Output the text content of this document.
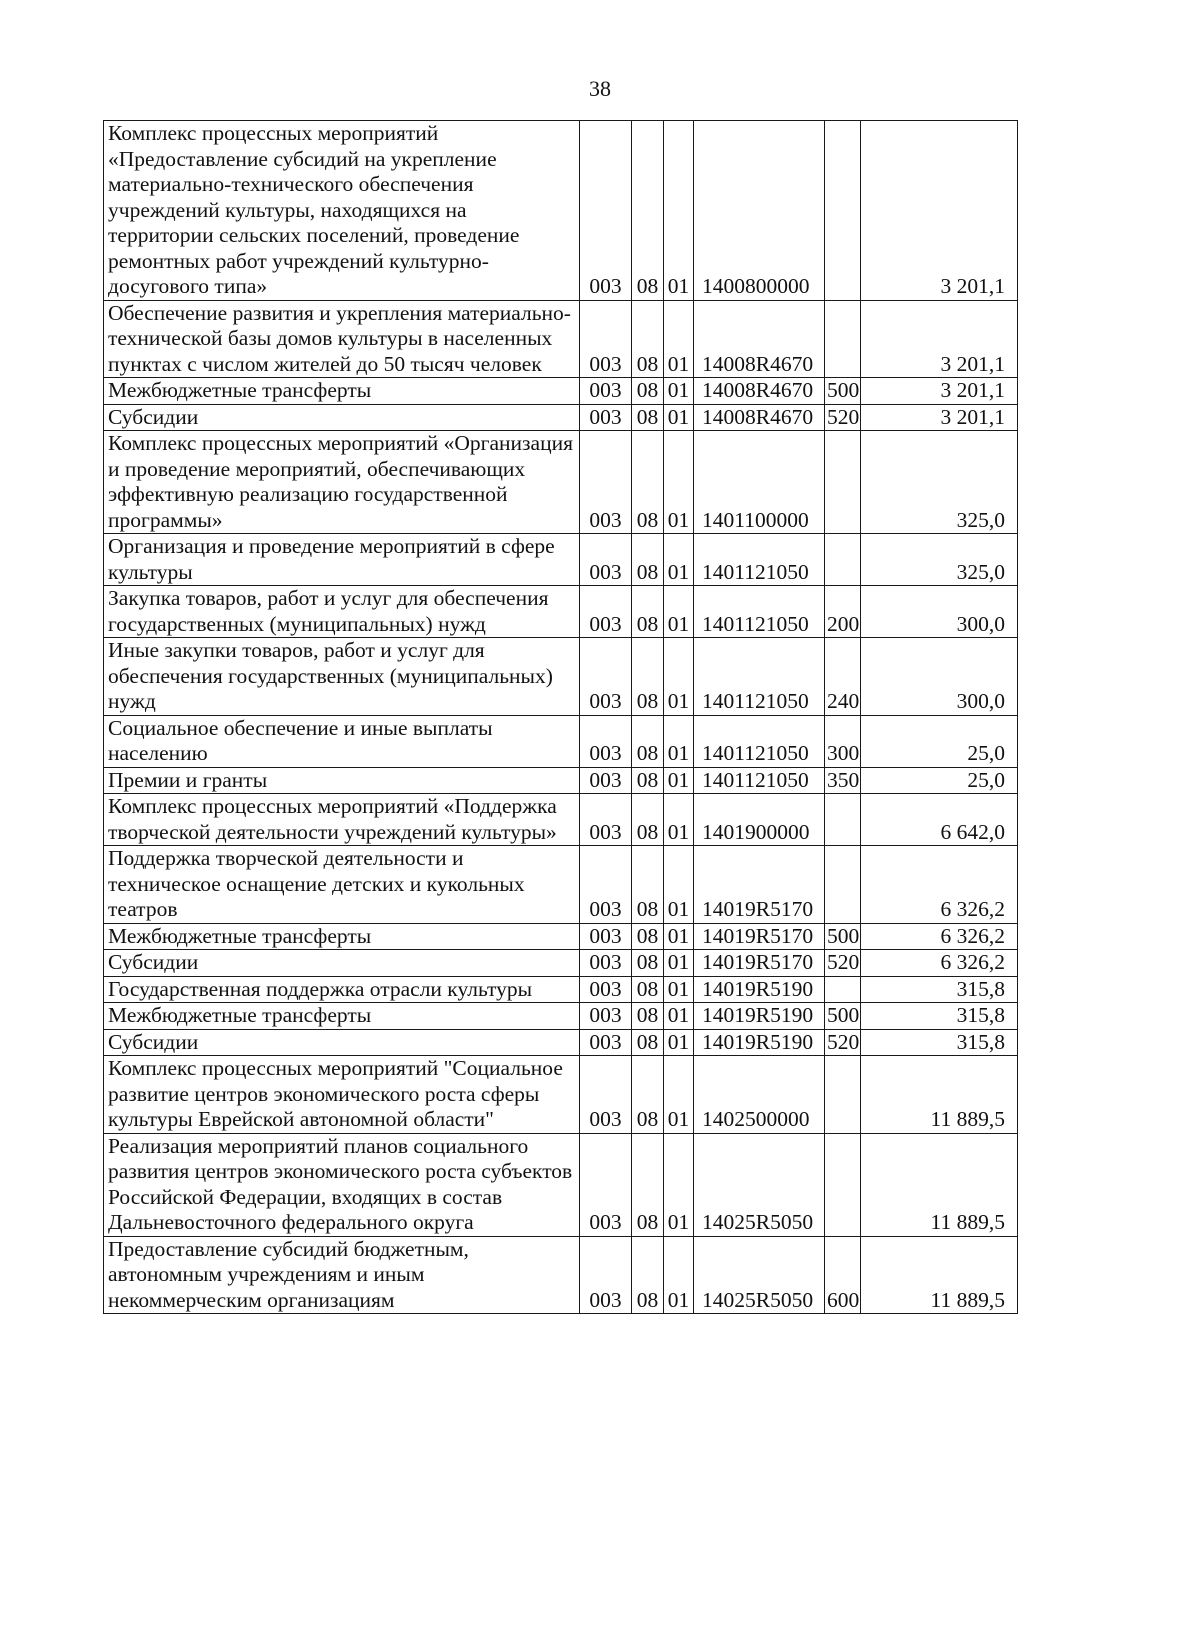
38
Комплекс процессных мероприятий «Предоставление субсидий на укрепление материально-технического обеспечения учреждений культуры, находящихся на территории сельских поселений, проведение ремонтных работ учреждений культурно-досугового типа»	003	08	01	1400800000		3 201,1
Обеспечение развития и укрепления материально-технической базы домов культуры в населенных пунктах с числом жителей до 50 тысяч человек	003	08	01	14008R4670		3 201,1
Межбюджетные трансферты	003	08	01	14008R4670	500	3 201,1
Субсидии	003	08	01	14008R4670	520	3 201,1
Комплекс процессных мероприятий «Организация и проведение мероприятий, обеспечивающих эффективную реализацию государственной программы»	003	08	01	1401100000		325,0
Организация и проведение мероприятий в сфере культуры	003	08	01	1401121050		325,0
Закупка товаров, работ и услуг для обеспечения государственных (муниципальных) нужд	003	08	01	1401121050	200	300,0
Иные закупки товаров, работ и услуг для обеспечения государственных (муниципальных) нужд	003	08	01	1401121050	240	300,0
Социальное обеспечение и иные выплаты населению	003	08	01	1401121050	300	25,0
Премии и гранты	003	08	01	1401121050	350	25,0
Комплекс процессных мероприятий «Поддержка творческой деятельности учреждений культуры»	003	08	01	1401900000		6 642,0
Поддержка творческой деятельности и техническое оснащение детских и кукольных театров	003	08	01	14019R5170		6 326,2
Межбюджетные трансферты	003	08	01	14019R5170	500	6 326,2
Субсидии	003	08	01	14019R5170	520	6 326,2
Государственная поддержка отрасли культуры	003	08	01	14019R5190		315,8
Межбюджетные трансферты	003	08	01	14019R5190	500	315,8
Субсидии	003	08	01	14019R5190	520	315,8
Комплекс процессных мероприятий "Социальное развитие центров экономического роста сферы культуры Еврейской автономной области"	003	08	01	1402500000		11 889,5
Реализация мероприятий планов социального развития центров экономического роста субъектов Российской Федерации, входящих в состав Дальневосточного федерального округа	003	08	01	14025R5050		11 889,5
Предоставление субсидий бюджетным, автономным учреждениям и иным некоммерческим организациям	003	08	01	14025R5050	600	11 889,5
